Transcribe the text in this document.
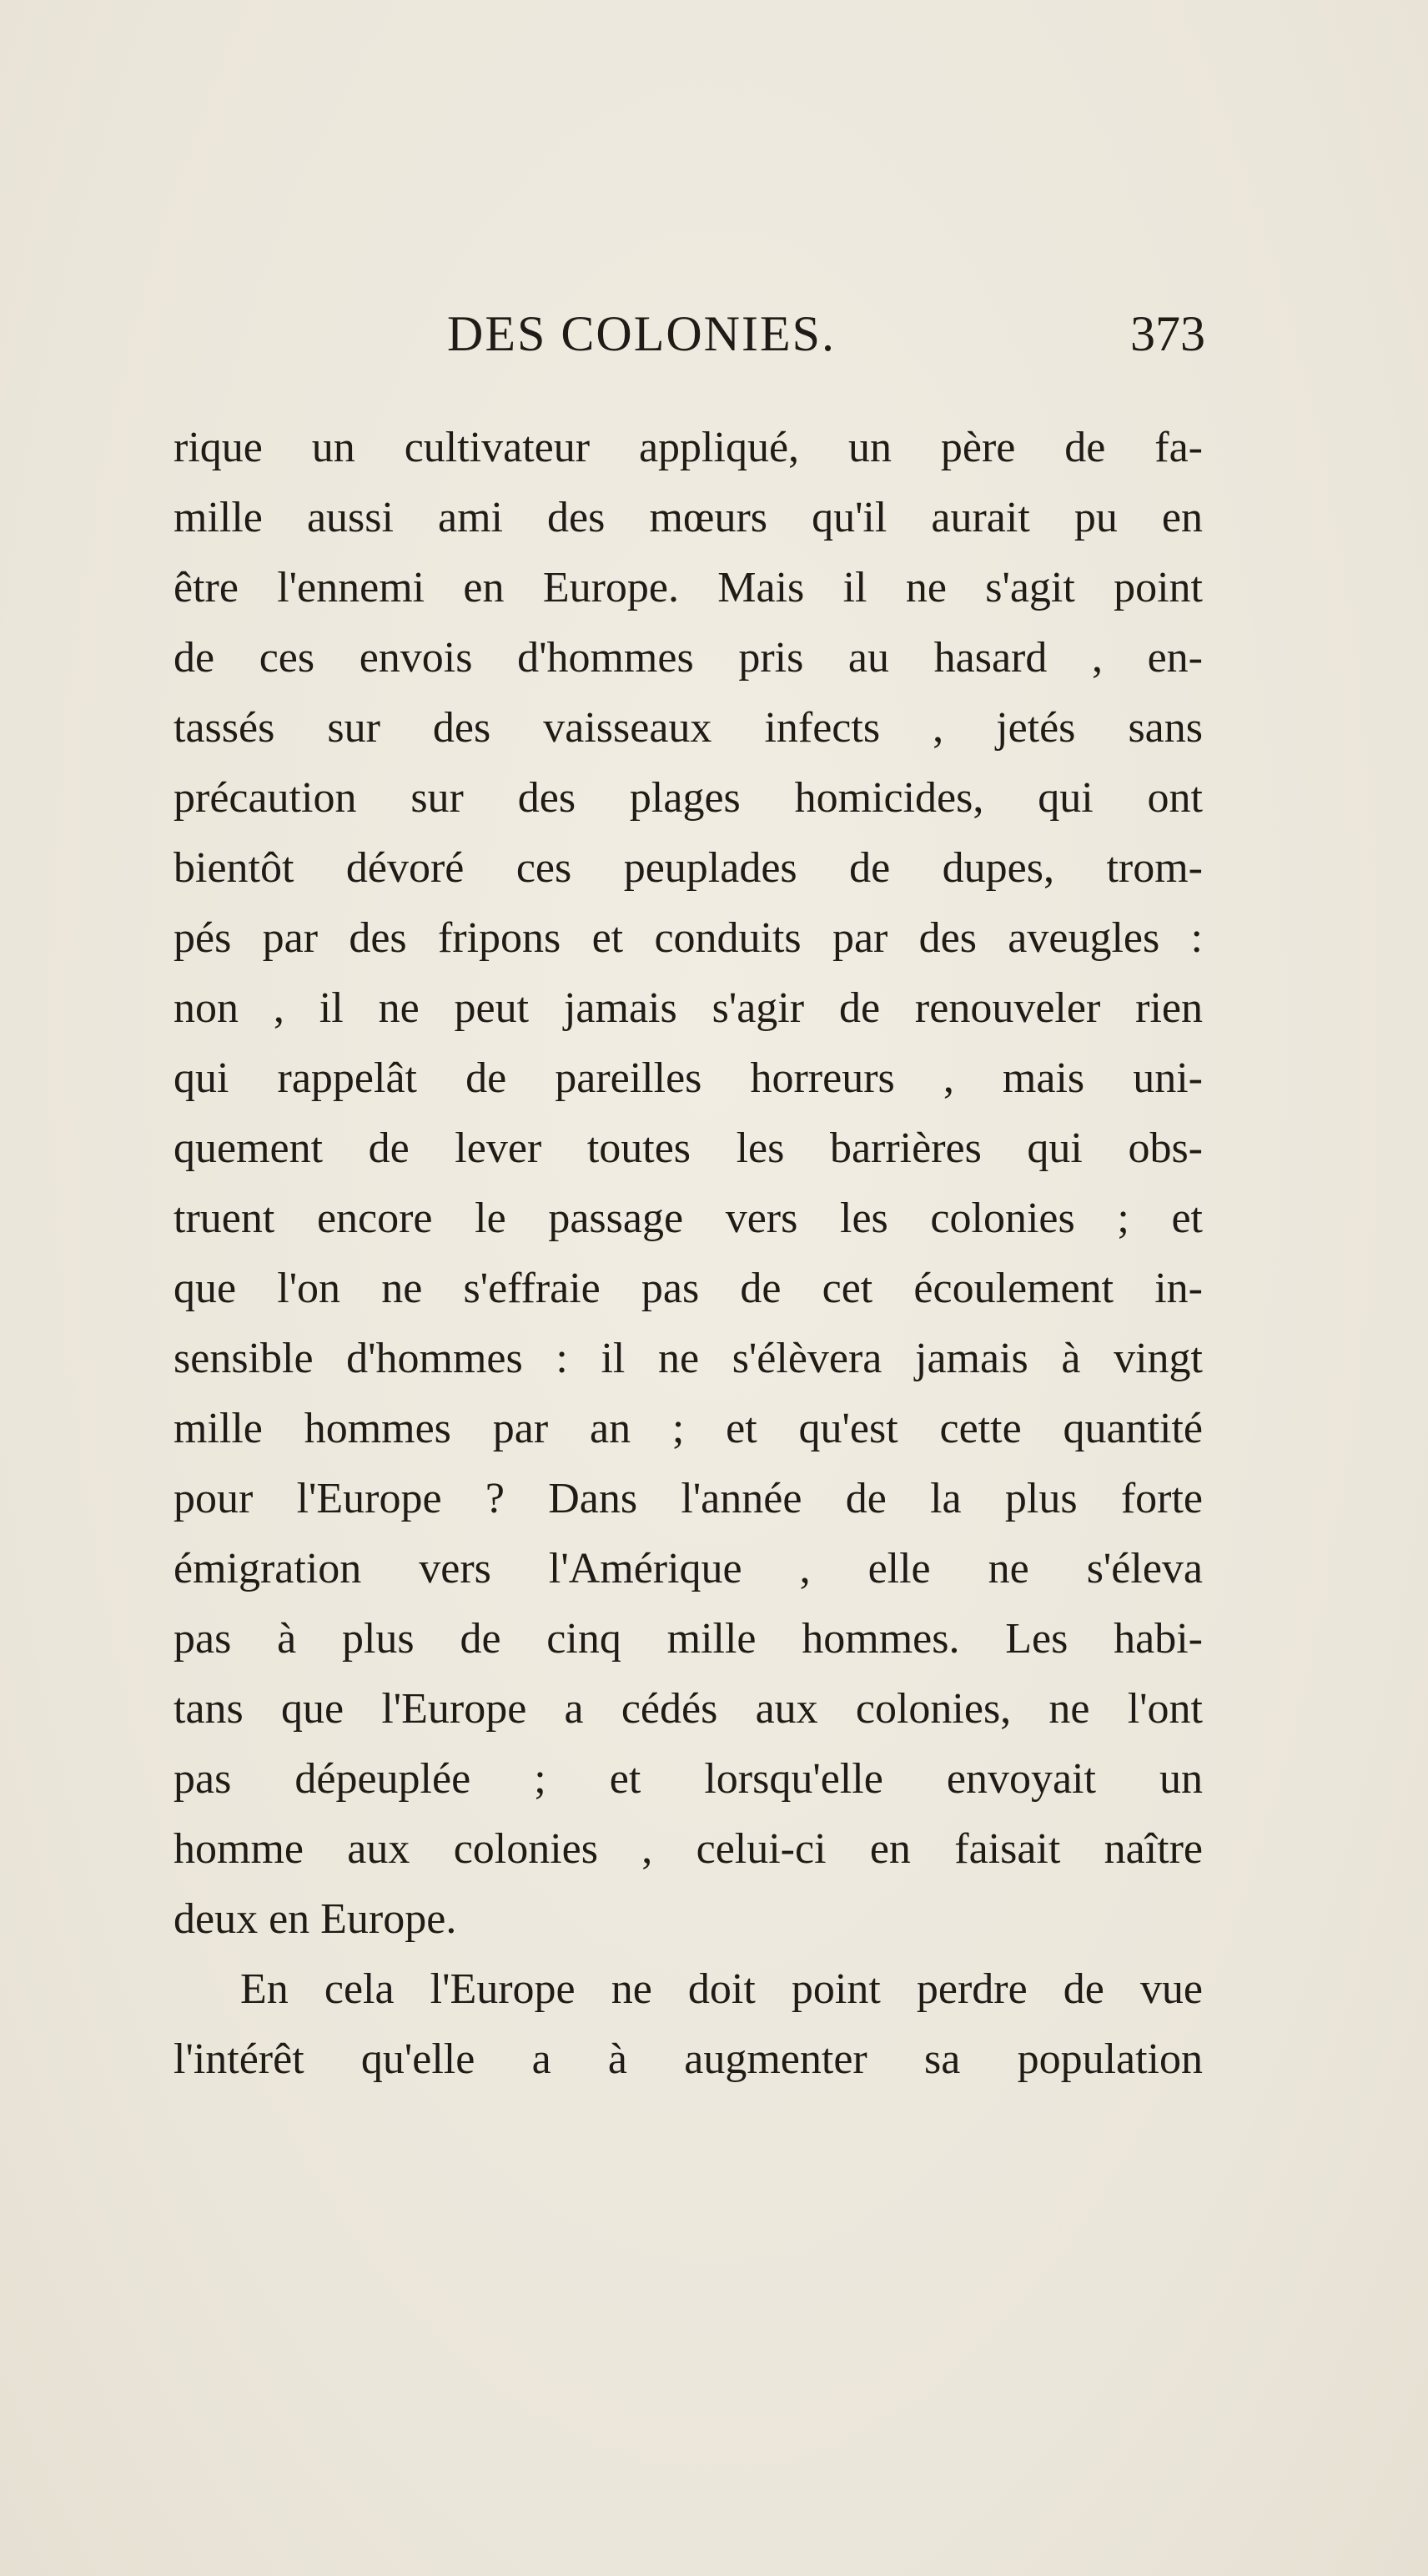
DES COLONIES.	373
rique un cultivateur appliqué, un père de fa-
mille aussi ami des mœurs qu'il aurait pu en
être l'ennemi en Europe. Mais il ne s'agit point
de ces envois d'hommes pris au hasard , en-
tassés sur des vaisseaux infects , jetés sans
précaution sur des plages homicides, qui ont
bientôt dévoré ces peuplades de dupes, trom-
pés par des fripons et conduits par des aveugles :
non , il ne peut jamais s'agir de renouveler rien
qui rappelât de pareilles horreurs , mais uni-
quement de lever toutes les barrières qui obs-
truent encore le passage vers les colonies ; et
que l'on ne s'effraie pas de cet écoulement in-
sensible d'hommes : il ne s'élèvera jamais à vingt
mille hommes par an ; et qu'est cette quantité
pour l'Europe ? Dans l'année de la plus forte
émigration vers l'Amérique , elle ne s'éleva
pas à plus de cinq mille hommes. Les habi-
tans que l'Europe a cédés aux colonies, ne l'ont
pas dépeuplée ; et lorsqu'elle envoyait un
homme aux colonies , celui-ci en faisait naître
deux en Europe.
En cela l'Europe ne doit point perdre de vue
l'intérêt qu'elle a à augmenter sa population
